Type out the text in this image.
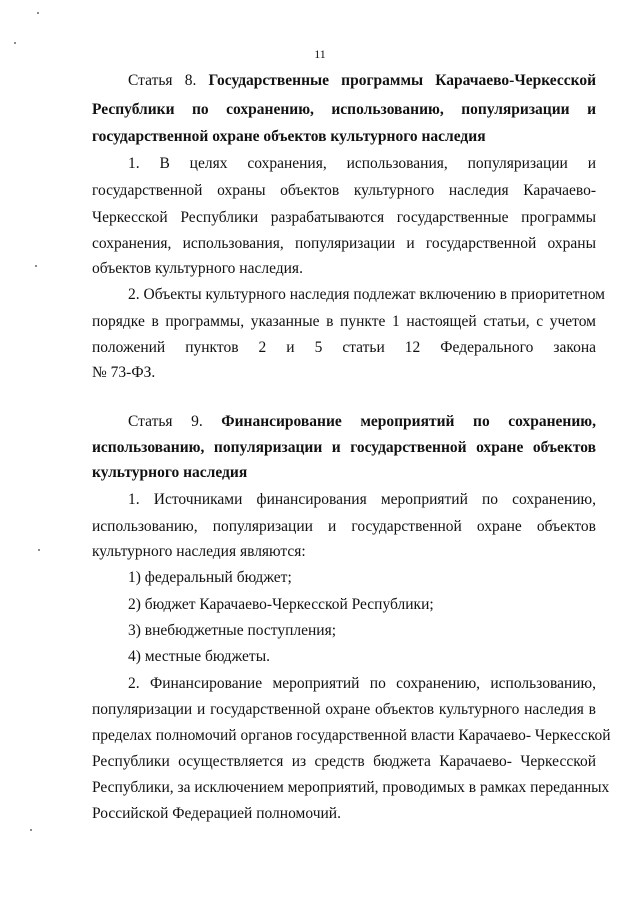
11
Статья 8. Государственные программы Карачаево-Черкесской
Республики по сохранению, использованию, популяризации и
государственной охране объектов культурного наследия
1. В целях сохранения, использования, популяризации и
государственной охраны объектов культурного наследия Карачаево-
Черкесской Республики разрабатываются государственные программы
сохранения, использования, популяризации и государственной охраны
объектов культурного наследия.
2. Объекты культурного наследия подлежат включению в приоритетном
порядке в программы, указанные в пункте 1 настоящей статьи, с учетом
положений пунктов 2 и 5 статьи 12 Федерального закона
№ 73-ФЗ.
Статья 9. Финансирование мероприятий по сохранению,
использованию, популяризации и государственной охране объектов
культурного наследия
1. Источниками финансирования мероприятий по сохранению,
использованию, популяризации и государственной охране объектов
культурного наследия являются:
1) федеральный бюджет;
2) бюджет Карачаево-Черкесской Республики;
3) внебюджетные поступления;
4) местные бюджеты.
2. Финансирование мероприятий по сохранению, использованию,
популяризации и государственной охране объектов культурного наследия в
пределах полномочий органов государственной власти Карачаево- Черкесской
Республики осуществляется из средств бюджета Карачаево- Черкесской
Республики, за исключением мероприятий, проводимых в рамках переданных
Российской Федерацией полномочий.
